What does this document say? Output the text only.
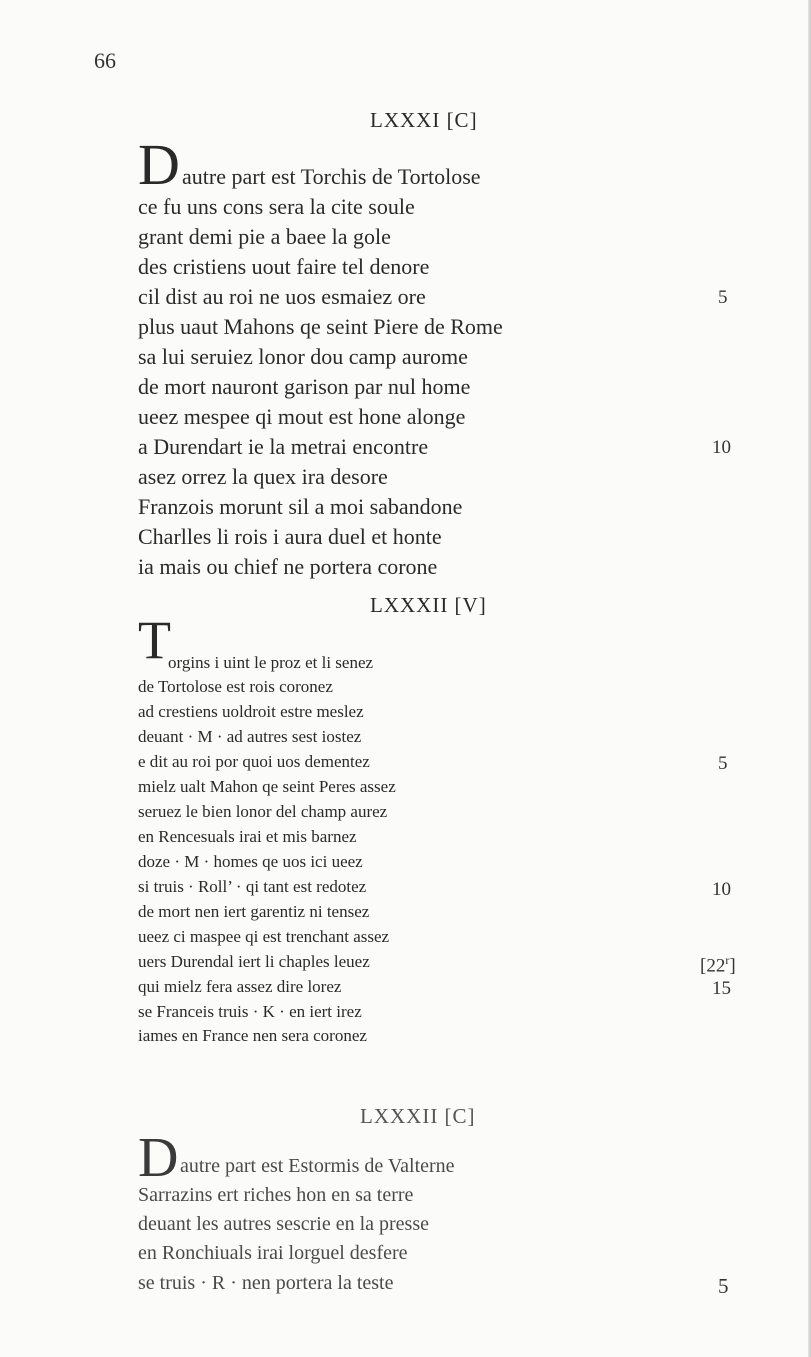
66
LXXXI [C]
D autre part est Torchis de Tortolose
ce fu uns cons sera la cite soule
grant demi pie a baee la gole
des cristiens uout faire tel denore
cil dist au roi ne uos esmaiez ore
plus uaut Mahons qe seint Piere de Rome
sa lui seruiez lonor dou camp aurome
de mort nauront garison par nul home
ueez mespee qi mout est hone alonge
a Durendart ie la metrai encontre
asez orrez la quex ira desore
Franzois morunt sil a moi sabandone
Charlles li rois i aura duel et honte
ia mais ou chief ne portera corone
5
10
LXXXII [V]
T
orgins i uint le proz et li senez
de Tortolose est rois coronez
ad crestiens uoldroit estre meslez
deuant · M · ad autres sest iostez
e dit au roi por quoi uos dementez
mielz ualt Mahon qe seint Peres assez
seruez le bien lonor del champ aurez
en Rencesuals irai et mis barnez
doze · M · homes qe uos ici ueez
si truis · Roll’ · qi tant est redotez
de mort nen iert garentiz ni tensez
ueez ci maspee qi est trenchant assez
uers Durendal iert li chaples leuez
qui mielz fera assez dire lorez
se Franceis truis · K · en iert irez
iames en France nen sera coronez
5
10
[22$^r$]
15
LXXXII [C]
D autre part est Estormis de Valterne
Sarrazins ert riches hon en sa terre
deuant les autres sescrie en la presse
en Ronchiuals irai lorguel desfere
se truis · R · nen portera la teste	5
